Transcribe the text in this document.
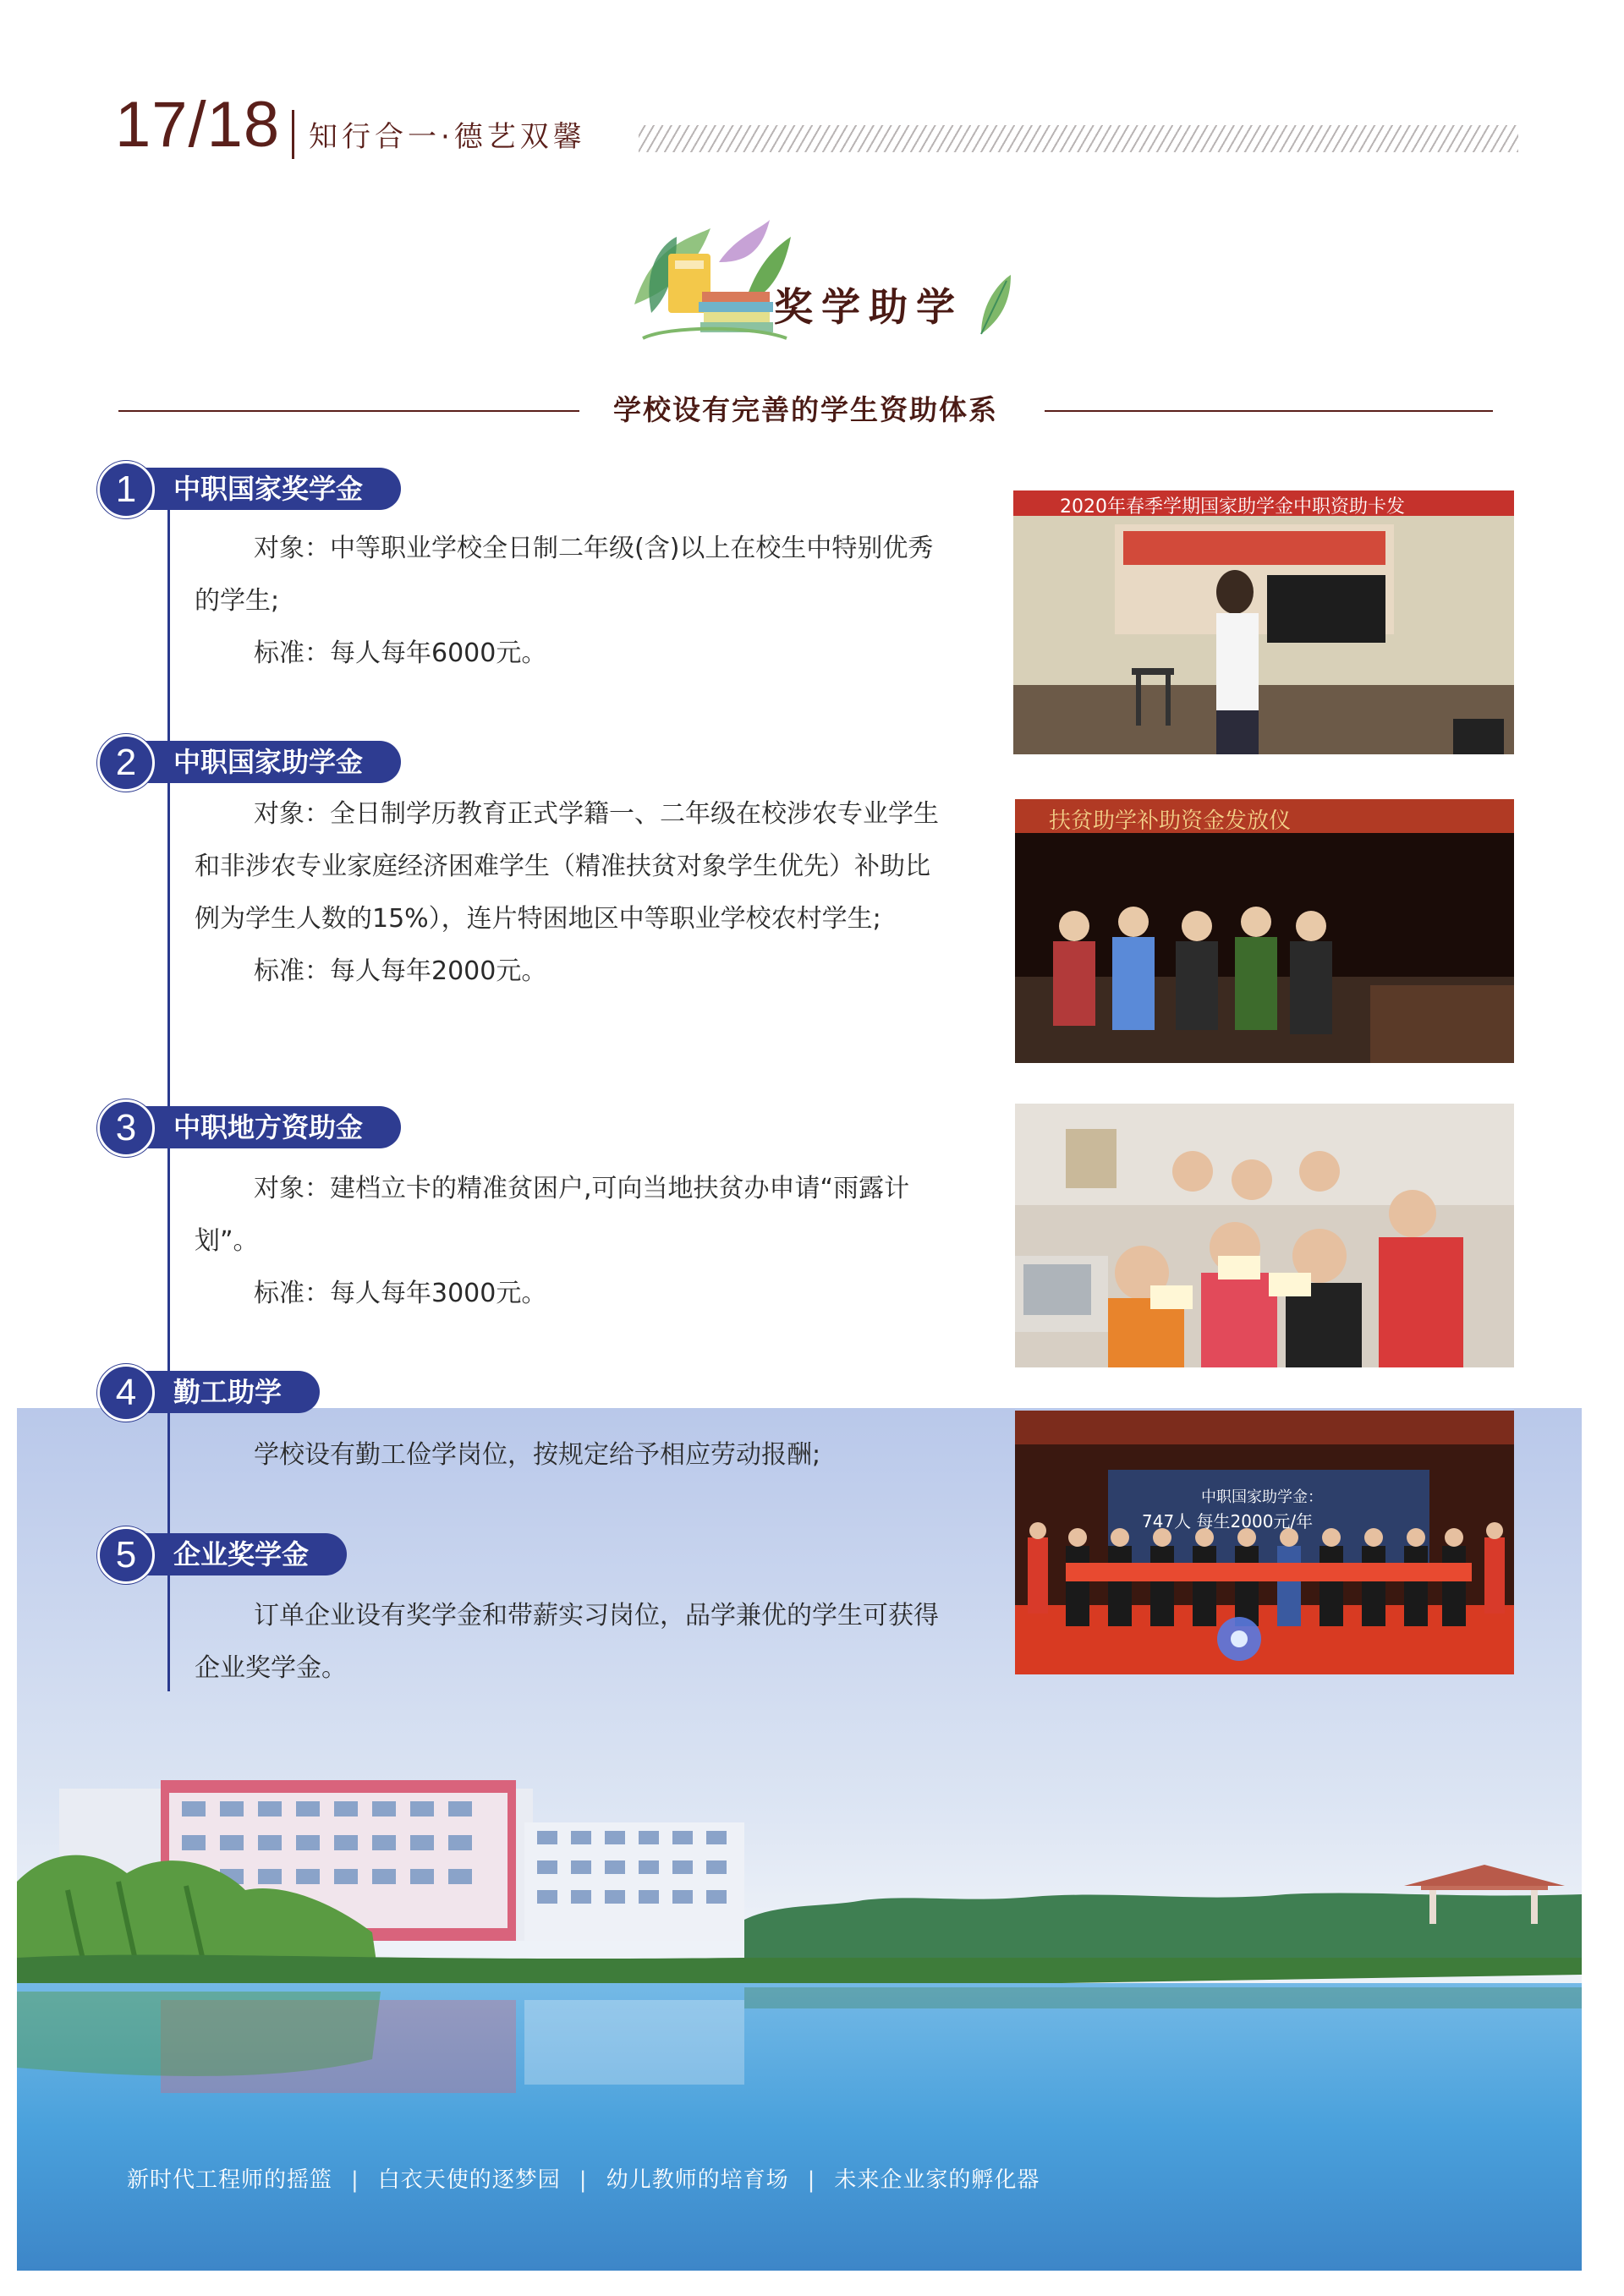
17/18 知行合一·德艺双馨
奖学助学
学校设有完善的学生资助体系
1	中职国家奖学金

对象：中等职业学校全日制二年级(含)以上在校生中特别优秀的学生;

标准：每人每年6000元。

2	中职国家助学金

对象：全日制学历教育正式学籍一、二年级在校涉农专业学生和非涉农专业家庭经济困难学生（精准扶贫对象学生优先）补助比例为学生人数的15%），连片特困地区中等职业学校农村学生;

标准：每人每年2000元。

3	中职地方资助金

对象：建档立卡的精准贫困户,可向当地扶贫办申请“雨露计划”。

标准：每人每年3000元。

4	勤工助学

学校设有勤工俭学岗位，按规定给予相应劳动报酬;

5	企业奖学金

订单企业设有奖学金和带薪实习岗位，品学兼优的学生可获得企业奖学金。

2020年春季学期国家助学金中职资助卡发
扶贫助学补助资金发放仪
中职国家助学金：
747人 每生2000元/年
新时代工程师的摇篮 | 白衣天使的逐梦园 | 幼儿教师的培育场 | 未来企业家的孵化器
